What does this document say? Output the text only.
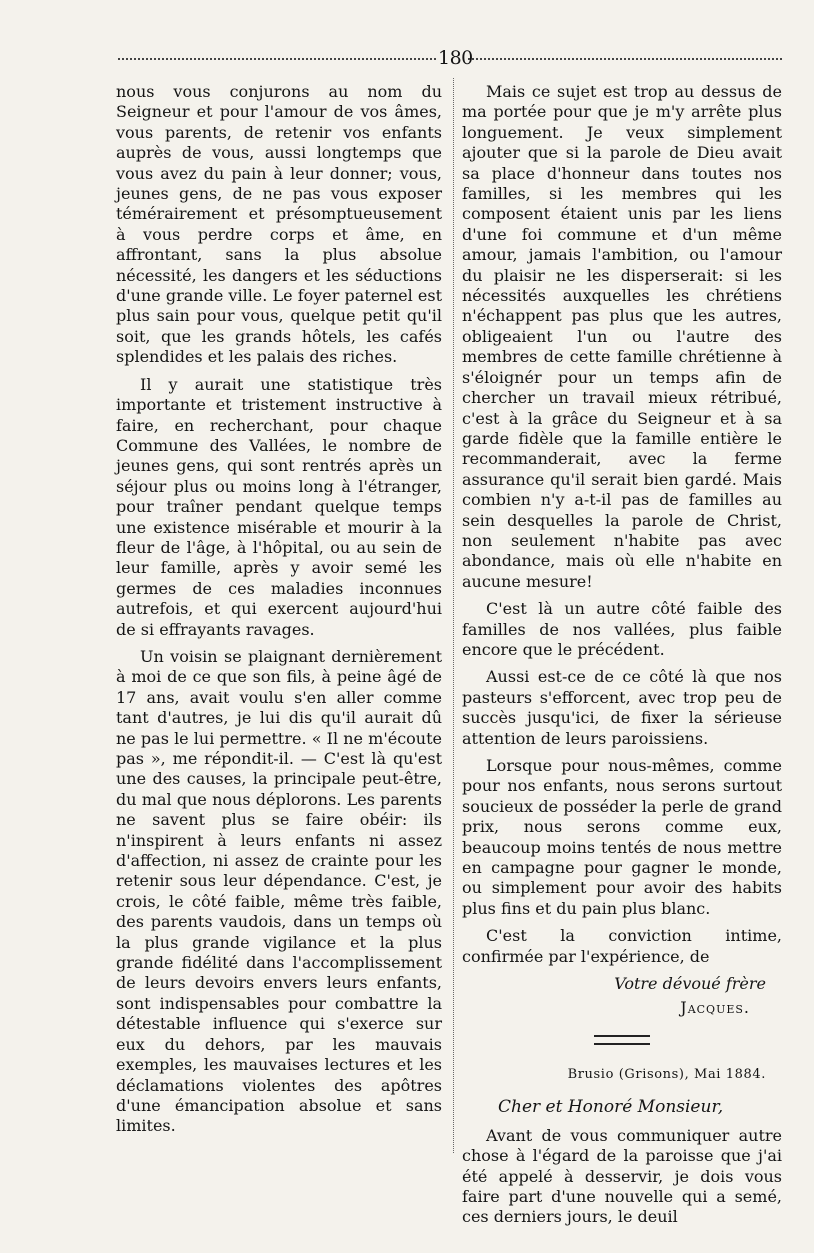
180

nous vous conjurons au nom du Seigneur et pour l'amour de vos âmes, vous parents, de retenir vos enfants auprès de vous, aussi longtemps que vous avez du pain à leur donner; vous, jeunes gens, de ne pas vous exposer témérairement et présomptueusement à vous perdre corps et âme, en affrontant, sans la plus absolue nécessité, les dangers et les séductions d'une grande ville. Le foyer paternel est plus sain pour vous, quelque petit qu'il soit, que les grands hôtels, les cafés splendides et les palais des riches.

Il y aurait une statistique très importante et tristement instructive à faire, en recherchant, pour chaque Commune des Vallées, le nombre de jeunes gens, qui sont rentrés après un séjour plus ou moins long à l'étranger, pour traîner pendant quelque temps une existence misérable et mourir à la fleur de l'âge, à l'hôpital, ou au sein de leur famille, après y avoir semé les germes de ces maladies inconnues autrefois, et qui exercent aujourd'hui de si effrayants ravages.

Un voisin se plaignant dernièrement à moi de ce que son fils, à peine âgé de 17 ans, avait voulu s'en aller comme tant d'autres, je lui dis qu'il aurait dû ne pas le lui permettre. « Il ne m'écoute pas », me répondit-il. — C'est là qu'est une des causes, la principale peut-être, du mal que nous déplorons. Les parents ne savent plus se faire obéir: ils n'inspirent à leurs enfants ni assez d'affection, ni assez de crainte pour les retenir sous leur dépendance. C'est, je crois, le côté faible, même très faible, des parents vaudois, dans un temps où la plus grande vigilance et la plus grande fidélité dans l'accomplissement de leurs devoirs envers leurs enfants, sont indispensables pour combattre la détestable influence qui s'exerce sur eux du dehors, par les mauvais exemples, les mauvaises lectures et les déclamations violentes des apôtres d'une émancipation absolue et sans limites.

Mais ce sujet est trop au dessus de ma portée pour que je m'y arrête plus longuement. Je veux simplement ajouter que si la parole de Dieu avait sa place d'honneur dans toutes nos familles, si les membres qui les composent étaient unis par les liens d'une foi commune et d'un même amour, jamais l'ambition, ou l'amour du plaisir ne les disperserait: si les nécessités auxquelles les chrétiens n'échappent pas plus que les autres, obligeaient l'un ou l'autre des membres de cette famille chrétienne à s'éloignér pour un temps afin de chercher un travail mieux rétribué, c'est à la grâce du Seigneur et à sa garde fidèle que la famille entière le recommanderait, avec la ferme assurance qu'il serait bien gardé. Mais combien n'y a-t-il pas de familles au sein desquelles la parole de Christ, non seulement n'habite pas avec abondance, mais où elle n'habite en aucune mesure!

C'est là un autre côté faible des familles de nos vallées, plus faible encore que le précédent.

Aussi est-ce de ce côté là que nos pasteurs s'efforcent, avec trop peu de succès jusqu'ici, de fixer la sérieuse attention de leurs paroissiens.

Lorsque pour nous-mêmes, comme pour nos enfants, nous serons surtout soucieux de posséder la perle de grand prix, nous serons comme eux, beaucoup moins tentés de nous mettre en campagne pour gagner le monde, ou simplement pour avoir des habits plus fins et du pain plus blanc.

C'est la conviction intime, confirmée par l'expérience, de

Votre dévoué frère
Jacques.
Brusio (Grisons), Mai 1884.
Cher et Honoré Monsieur,

Avant de vous communiquer autre chose à l'égard de la paroisse que j'ai été appelé à desservir, je dois vous faire part d'une nouvelle qui a semé, ces derniers jours, le deuil
